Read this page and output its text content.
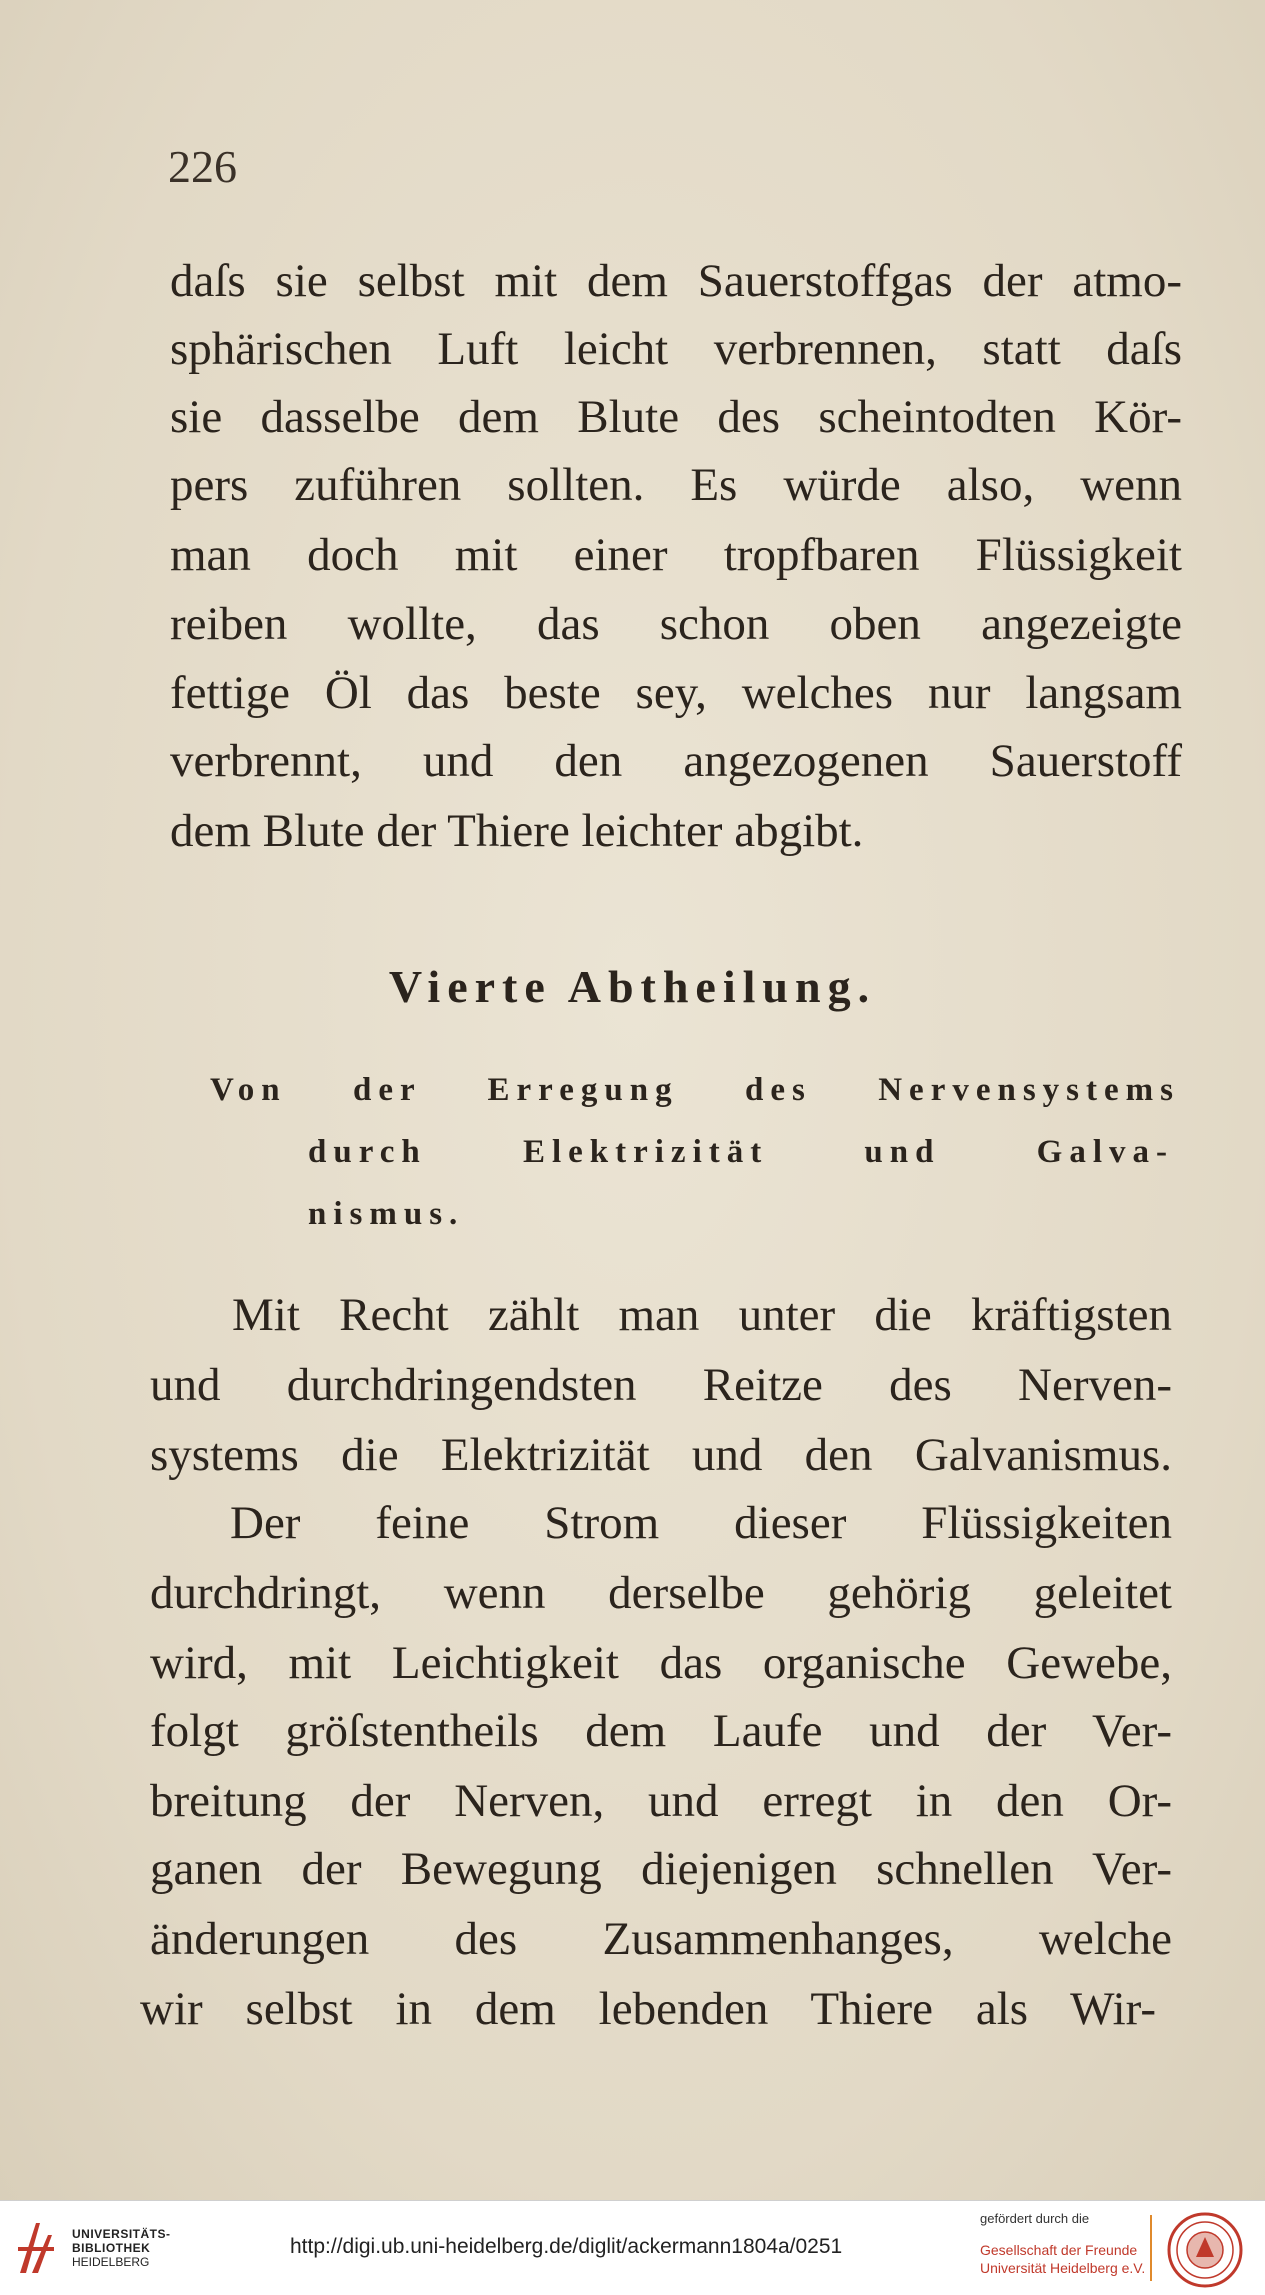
226
daſs sie selbst mit dem Sauerstoffgas der atmo-
sphärischen Luft leicht verbrennen, statt daſs
sie dasselbe dem Blute des scheintodten Kör-
pers zuführen sollten. Es würde also, wenn
man doch mit einer tropfbaren Flüssigkeit
reiben wollte, das schon oben angezeigte
fettige Öl das beste sey, welches nur langsam
verbrennt, und den angezogenen Sauerstoff
dem Blute der Thiere leichter abgibt.
Vierte Abtheilung.
Von der Erregung des Nervensystems
durch Elektrizität und Galva-
nismus.
Mit Recht zählt man unter die kräftigsten
und durchdringendsten Reitze des Nerven-
systems die Elektrizität und den Galvanismus.
Der feine Strom dieser Flüssigkeiten
durchdringt, wenn derselbe gehörig geleitet
wird, mit Leichtigkeit das organische Gewebe,
folgt gröſstentheils dem Laufe und der Ver-
breitung der Nerven, und erregt in den Or-
ganen der Bewegung diejenigen schnellen Ver-
änderungen des Zusammenhanges, welche
wir selbst in dem lebenden Thiere als Wir-
UNIVERSITÄTS-
BIBLIOTHEK
HEIDELBERG
http://digi.ub.uni-heidelberg.de/diglit/ackermann1804a/0251
gefördert durch die
Gesellschaft der Freunde
Universität Heidelberg e.V.
